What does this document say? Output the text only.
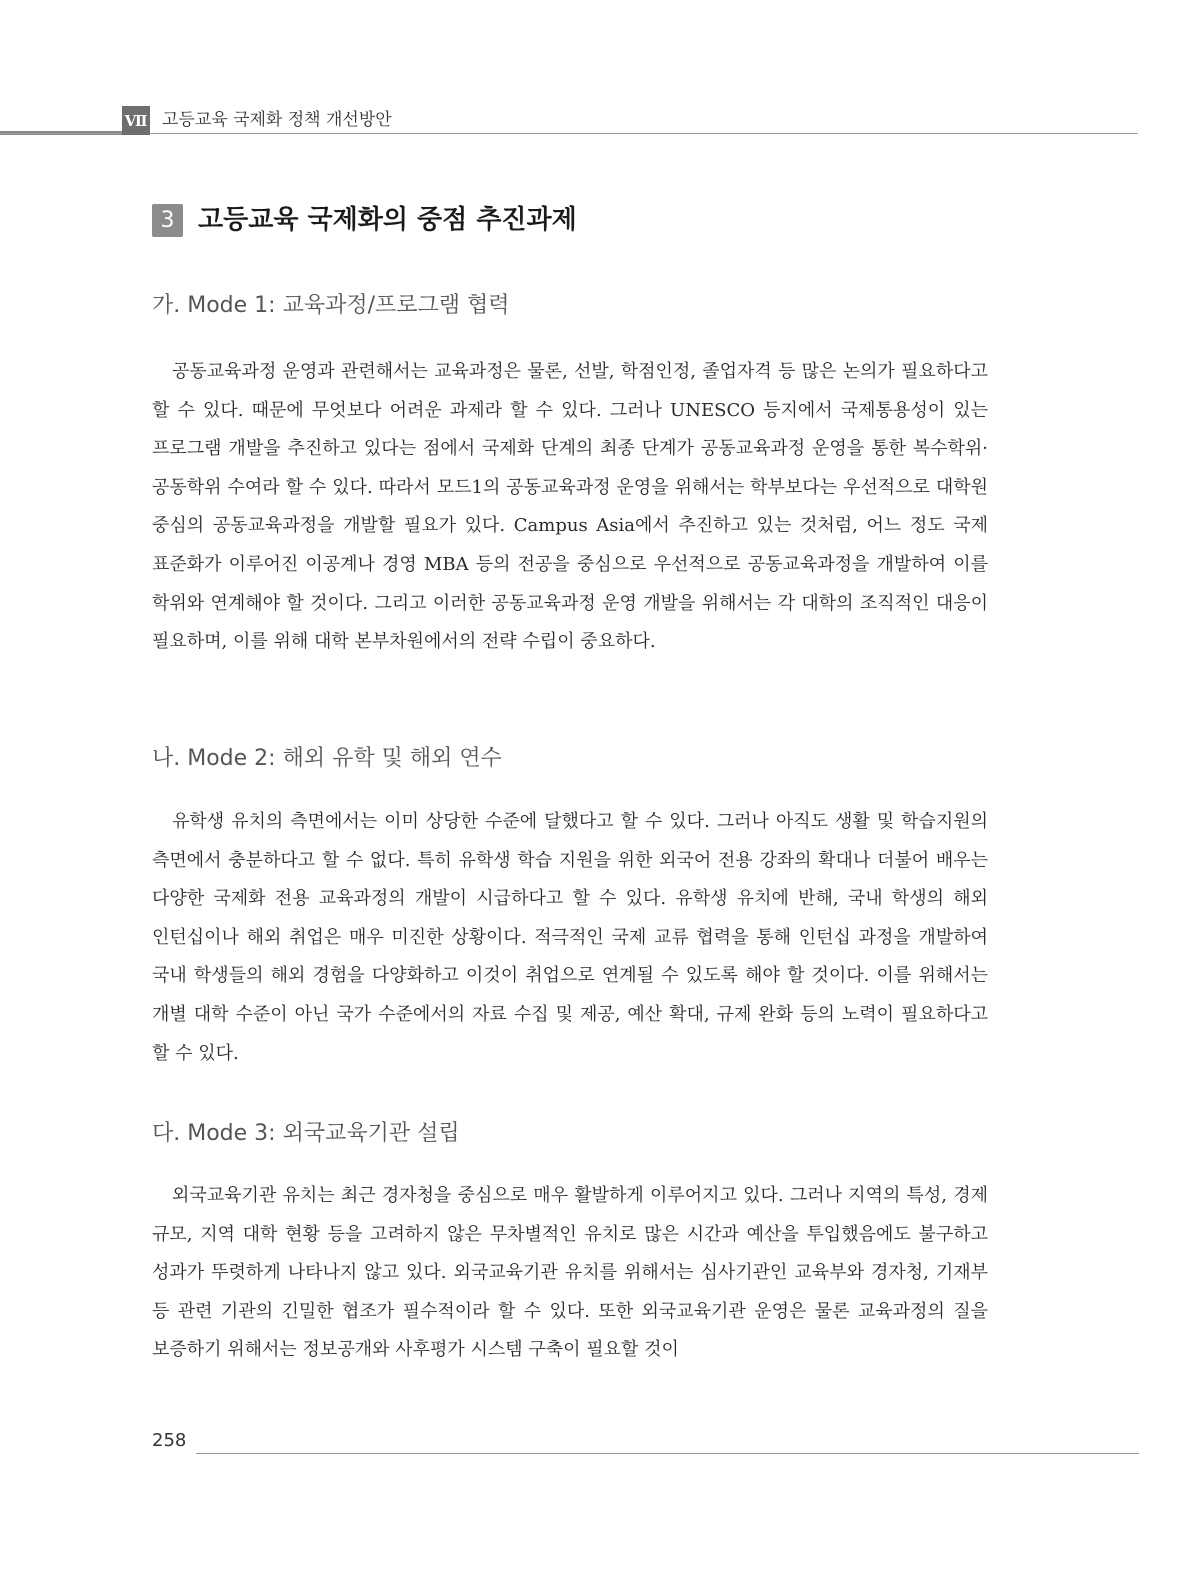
Ⅶ 고등교육 국제화 정책 개선방안
3 고등교육 국제화의 중점 추진과제
가. Mode 1: 교육과정/프로그램 협력

공동교육과정 운영과 관련해서는 교육과정은 물론, 선발, 학점인정, 졸업자격 등 많은 논의가 필요하다고 할 수 있다. 때문에 무엇보다 어려운 과제라 할 수 있다. 그러나 UNESCO 등지에서 국제통용성이 있는 프로그램 개발을 추진하고 있다는 점에서 국제화 단계의 최종 단계가 공동교육과정 운영을 통한 복수학위·공동학위 수여라 할 수 있다. 따라서 모드1의 공동교육과정 운영을 위해서는 학부보다는 우선적으로 대학원 중심의 공동교육과정을 개발할 필요가 있다. Campus Asia에서 추진하고 있는 것처럼, 어느 정도 국제 표준화가 이루어진 이공계나 경영 MBA 등의 전공을 중심으로 우선적으로 공동교육과정을 개발하여 이를 학위와 연계해야 할 것이다. 그리고 이러한 공동교육과정 운영 개발을 위해서는 각 대학의 조직적인 대응이 필요하며, 이를 위해 대학 본부차원에서의 전략 수립이 중요하다.

나. Mode 2: 해외 유학 및 해외 연수

유학생 유치의 측면에서는 이미 상당한 수준에 달했다고 할 수 있다. 그러나 아직도 생활 및 학습지원의 측면에서 충분하다고 할 수 없다. 특히 유학생 학습 지원을 위한 외국어 전용 강좌의 확대나 더불어 배우는 다양한 국제화 전용 교육과정의 개발이 시급하다고 할 수 있다. 유학생 유치에 반해, 국내 학생의 해외 인턴십이나 해외 취업은 매우 미진한 상황이다. 적극적인 국제 교류 협력을 통해 인턴십 과정을 개발하여 국내 학생들의 해외 경험을 다양화하고 이것이 취업으로 연계될 수 있도록 해야 할 것이다. 이를 위해서는 개별 대학 수준이 아닌 국가 수준에서의 자료 수집 및 제공, 예산 확대, 규제 완화 등의 노력이 필요하다고 할 수 있다.

다. Mode 3: 외국교육기관 설립

외국교육기관 유치는 최근 경자청을 중심으로 매우 활발하게 이루어지고 있다. 그러나 지역의 특성, 경제 규모, 지역 대학 현황 등을 고려하지 않은 무차별적인 유치로 많은 시간과 예산을 투입했음에도 불구하고 성과가 뚜렷하게 나타나지 않고 있다. 외국교육기관 유치를 위해서는 심사기관인 교육부와 경자청, 기재부 등 관련 기관의 긴밀한 협조가 필수적이라 할 수 있다. 또한 외국교육기관 운영은 물론 교육과정의 질을 보증하기 위해서는 정보공개와 사후평가 시스템 구축이 필요할 것이

258
